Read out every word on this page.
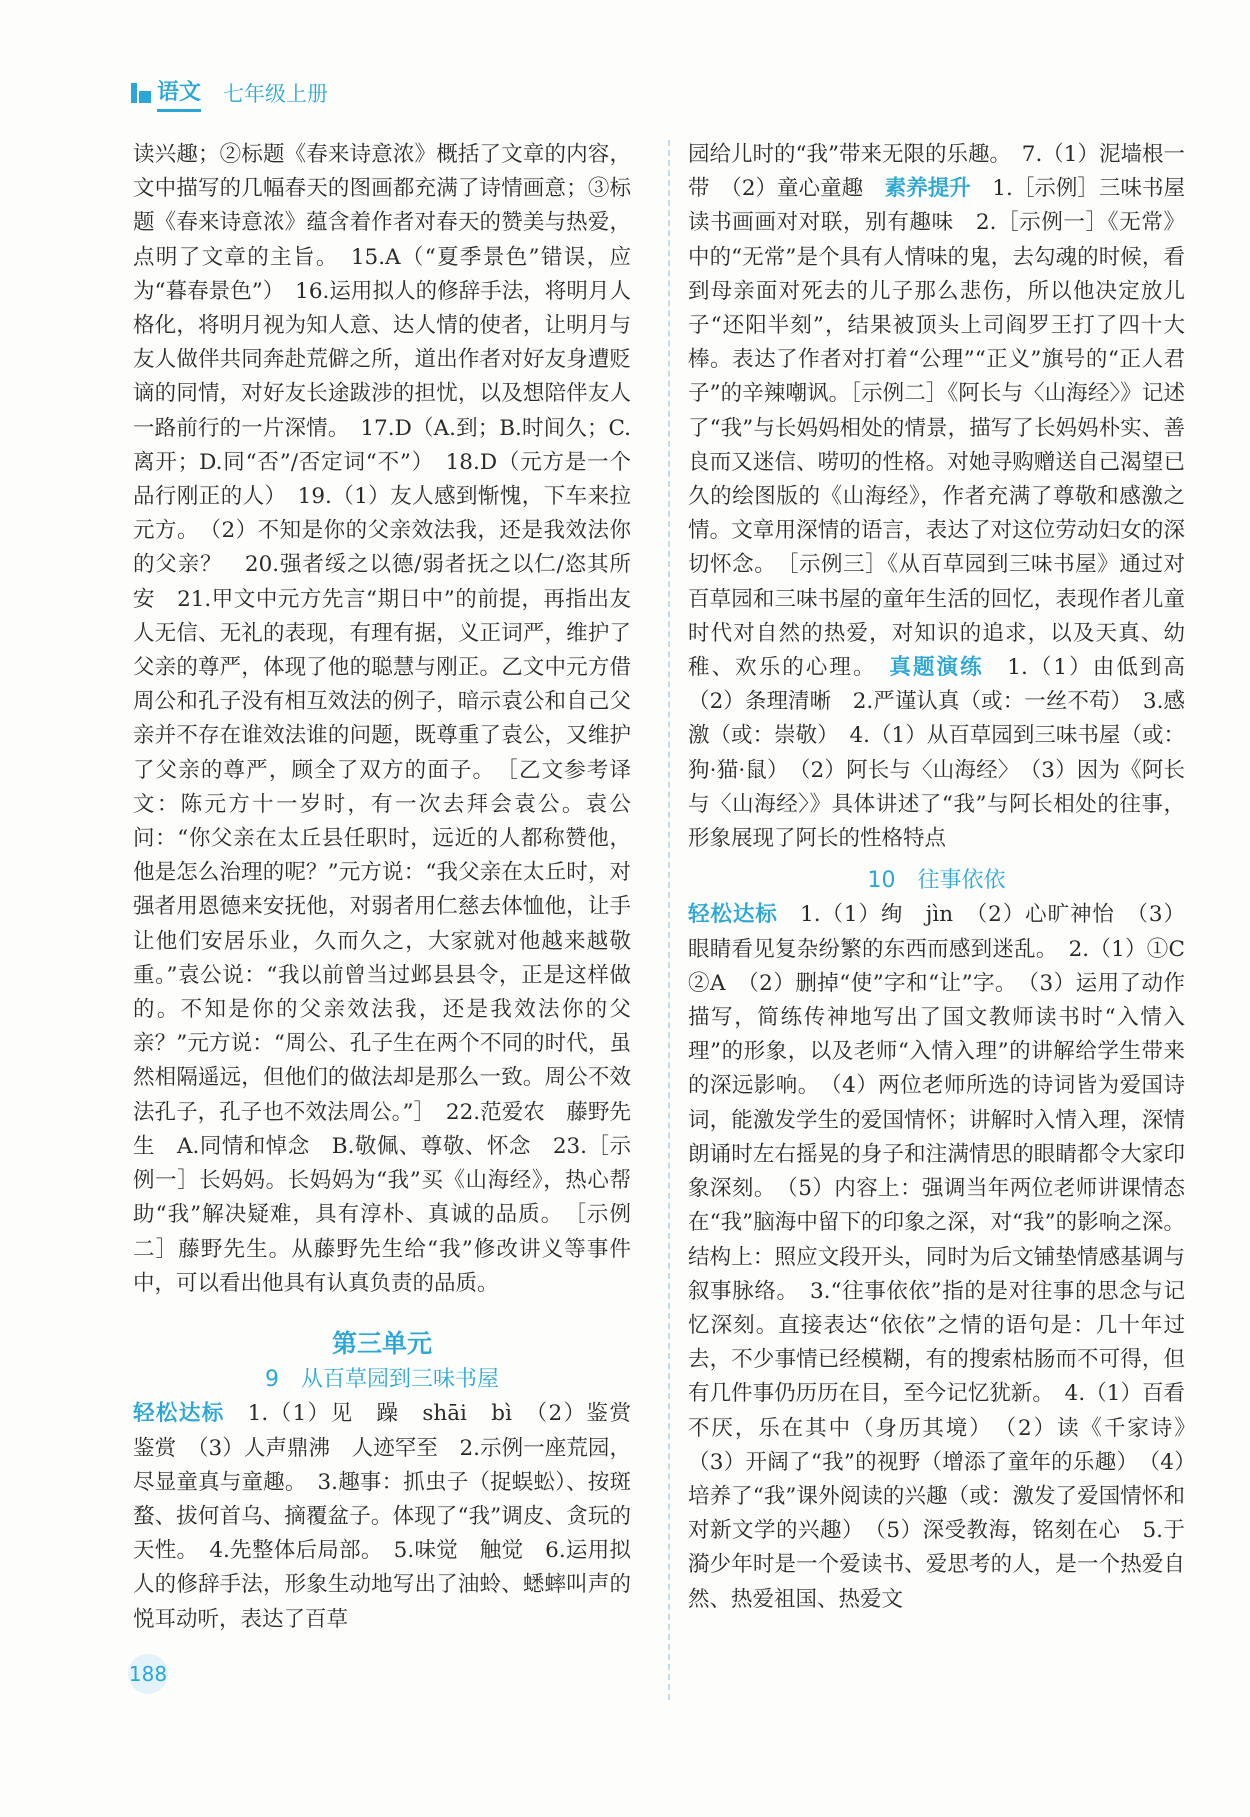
语文 七年级上册

读兴趣；②标题《春来诗意浓》概括了文章的内容，文中描写的几幅春天的图画都充满了诗情画意；③标题《春来诗意浓》蕴含着作者对春天的赞美与热爱，点明了文章的主旨。　15.A（“夏季景色”错误，应为“暮春景色”）　16.运用拟人的修辞手法，将明月人格化，将明月视为知人意、达人情的使者，让明月与友人做伴共同奔赴荒僻之所，道出作者对好友身遭贬谪的同情，对好友长途跋涉的担忧，以及想陪伴友人一路前行的一片深情。　17.D（A.到；B.时间久；C.离开；D.同“否”/否定词“不”）　18.D（元方是一个品行刚正的人）　19.（1）友人感到惭愧，下车来拉元方。　（2）不知是你的父亲效法我，还是我效法你的父亲？　20.强者绥之以德/弱者抚之以仁/恣其所安　21.甲文中元方先言“期日中”的前提，再指出友人无信、无礼的表现，有理有据，义正词严，维护了父亲的尊严，体现了他的聪慧与刚正。乙文中元方借周公和孔子没有相互效法的例子，暗示袁公和自己父亲并不存在谁效法谁的问题，既尊重了袁公，又维护了父亲的尊严，顾全了双方的面子。　［乙文参考译文：陈元方十一岁时，有一次去拜会袁公。袁公问：“你父亲在太丘县任职时，远近的人都称赞他，他是怎么治理的呢？”元方说：“我父亲在太丘时，对强者用恩德来安抚他，对弱者用仁慈去体恤他，让手让他们安居乐业，久而久之，大家就对他越来越敬重。”袁公说：“我以前曾当过邺县县令，正是这样做的。不知是你的父亲效法我，还是我效法你的父亲？”元方说：“周公、孔子生在两个不同的时代，虽然相隔遥远，但他们的做法却是那么一致。周公不效法孔子，孔子也不效法周公。”］　22.范爱农　藤野先生　A.同情和悼念　B.敬佩、尊敬、怀念　23.［示例一］长妈妈。长妈妈为“我”买《山海经》，热心帮助“我”解决疑难，具有淳朴、真诚的品质。　［示例二］藤野先生。从藤野先生给“我”修改讲义等事件中，可以看出他具有认真负责的品质。

第三单元
9　从百草园到三味书屋

轻松达标　1.（1）见　躁　shāi　bì　（2）鉴赏　鉴赏　（3）人声鼎沸　人迹罕至　2.示例一座荒园，尽显童真与童趣。　3.趣事：抓虫子（捉蜈蚣）、按斑蝥、拔何首乌、摘覆盆子。体现了“我”调皮、贪玩的天性。　4.先整体后局部。　5.味觉　触觉　6.运用拟人的修辞手法，形象生动地写出了油蛉、蟋蟀叫声的悦耳动听，表达了百草

园给儿时的“我”带来无限的乐趣。　7.（1）泥墙根一带　（2）童心童趣　素养提升　1.［示例］三味书屋读书画画对对联，别有趣味　2.［示例一］《无常》中的“无常”是个具有人情味的鬼，去勾魂的时候，看到母亲面对死去的儿子那么悲伤，所以他决定放儿子“还阳半刻”，结果被顶头上司阎罗王打了四十大棒。表达了作者对打着“公理”“正义”旗号的“正人君子”的辛辣嘲讽。［示例二］《阿长与〈山海经〉》记述了“我”与长妈妈相处的情景，描写了长妈妈朴实、善良而又迷信、唠叨的性格。对她寻购赠送自己渴望已久的绘图版的《山海经》，作者充满了尊敬和感激之情。文章用深情的语言，表达了对这位劳动妇女的深切怀念。　［示例三］《从百草园到三味书屋》通过对百草园和三味书屋的童年生活的回忆，表现作者儿童时代对自然的热爱，对知识的追求，以及天真、幼稚、欢乐的心理。　真题演练　1.（1）由低到高　（2）条理清晰　2.严谨认真（或：一丝不苟）　3.感激（或：崇敬）　4.（1）从百草园到三味书屋（或：狗·猫·鼠）　（2）阿长与〈山海经〉　（3）因为《阿长与〈山海经〉》具体讲述了“我”与阿长相处的往事，形象展现了阿长的性格特点

10　往事依依

轻松达标　1.（1）绚　jìn　（2）心旷神怡　（3）眼睛看见复杂纷繁的东西而感到迷乱。　2.（1）①C　②A　（2）删掉“使”字和“让”字。　（3）运用了动作描写，简练传神地写出了国文教师读书时“入情入理”的形象，以及老师“入情入理”的讲解给学生带来的深远影响。　（4）两位老师所选的诗词皆为爱国诗词，能激发学生的爱国情怀；讲解时入情入理，深情朗诵时左右摇晃的身子和注满情思的眼睛都令大家印象深刻。　（5）内容上：强调当年两位老师讲课情态在“我”脑海中留下的印象之深，对“我”的影响之深。结构上：照应文段开头，同时为后文铺垫情感基调与叙事脉络。　3.“往事依依”指的是对往事的思念与记忆深刻。直接表达“依依”之情的语句是：几十年过去，不少事情已经模糊，有的搜索枯肠而不可得，但有几件事仍历历在目，至今记忆犹新。　4.（1）百看不厌，乐在其中（身历其境）　（2）读《千家诗》　（3）开阔了“我”的视野（增添了童年的乐趣）　（4）培养了“我”课外阅读的兴趣（或：激发了爱国情怀和对新文学的兴趣）　（5）深受教海，铭刻在心　5.于漪少年时是一个爱读书、爱思考的人，是一个热爱自然、热爱祖国、热爱文

188
